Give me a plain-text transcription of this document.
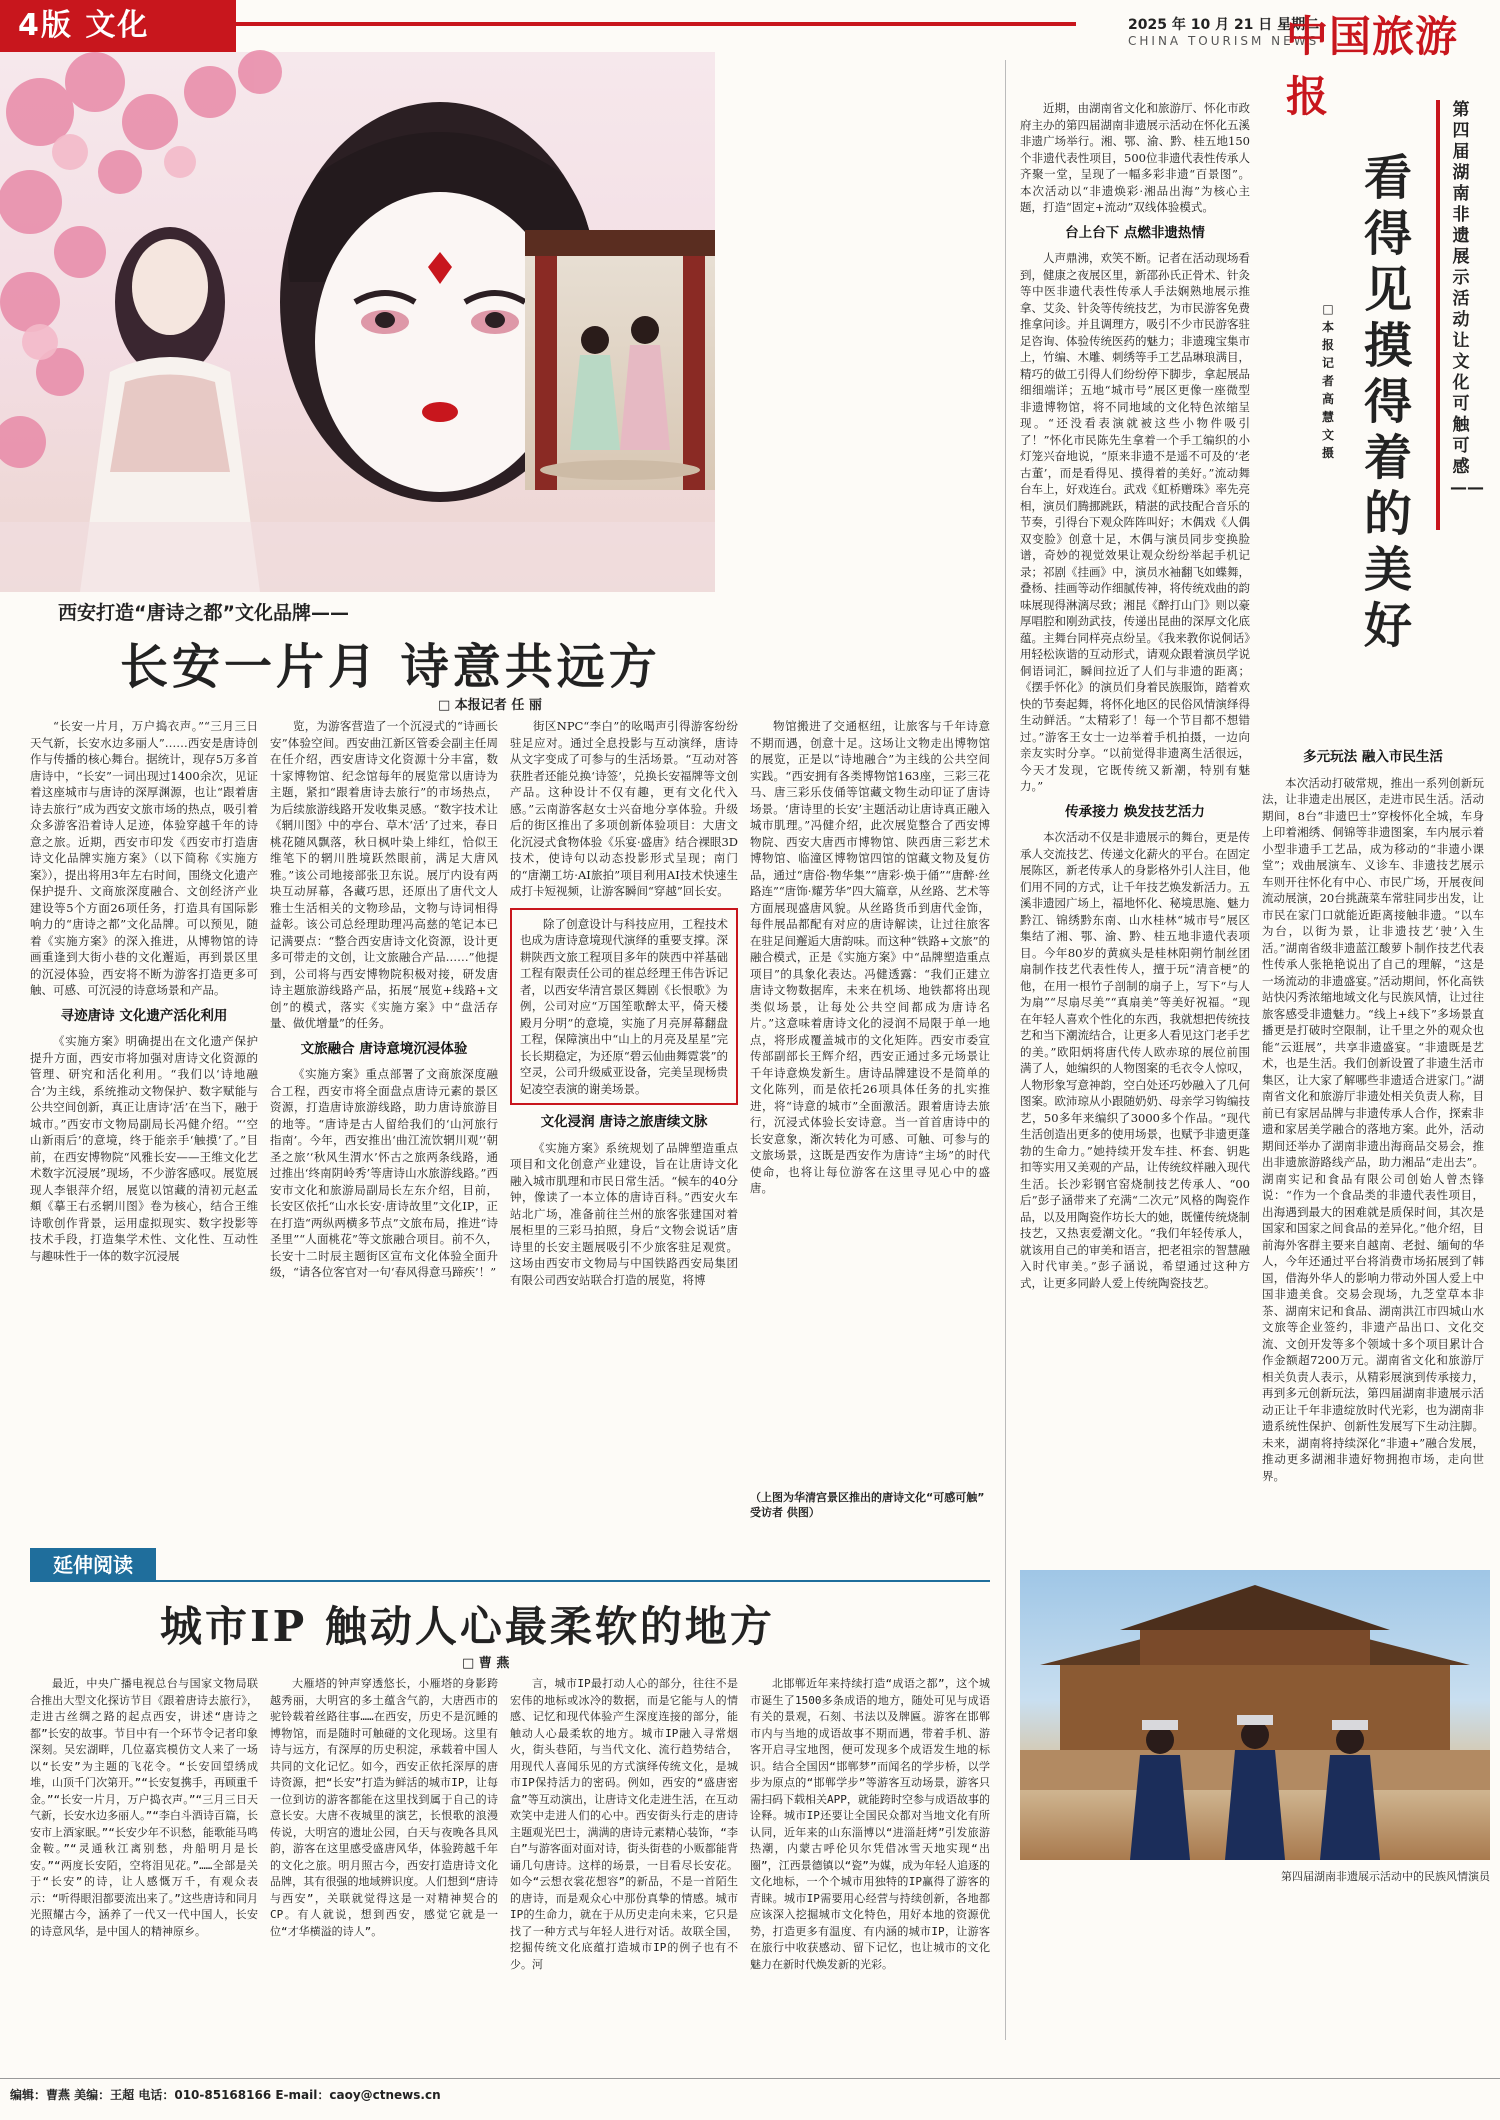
4版 文化	2025 年 10 月 21 日 星期二
CHINA TOURISM NEWS
中国旅游报
西安打造“唐诗之都”文化品牌——
长安一片月 诗意共远方
□ 本报记者 任 丽

“长安一片月，万户捣衣声。”“三月三日天气新，长安水边多丽人”……西安是唐诗创作与传播的核心舞台。据统计，现存5万多首唐诗中，“长安”一词出现过1400余次，见证着这座城市与唐诗的深厚渊源，也让“跟着唐诗去旅行”成为西安文旅市场的热点，吸引着众多游客沿着诗人足迹，体验穿越千年的诗意之旅。近期，西安市印发《西安市打造唐诗文化品牌实施方案》（以下简称《实施方案》），提出将用3年左右时间，围绕文化遗产保护提升、文商旅深度融合、文创经济产业建设等5个方面26项任务，打造具有国际影响力的“唐诗之都”文化品牌。可以预见，随着《实施方案》的深入推进，从博物馆的诗画重逢到大街小巷的文化邂逅，再到景区里的沉浸体验，西安将不断为游客打造更多可触、可感、可沉浸的诗意场景和产品。

寻迹唐诗 文化遗产活化利用

《实施方案》明确提出在文化遗产保护提升方面，西安市将加强对唐诗文化资源的管理、研究和活化利用。“我们以‘诗地融合’为主线，系统推动文物保护、数字赋能与公共空间创新，真正让唐诗‘活’在当下，融于城市。”西安市文物局副局长冯健介绍。“‘空山新雨后’的意境，终于能亲手‘触摸’了。”目前，在西安博物院“风雅长安——王维文化艺术数字沉浸展”现场，不少游客感叹。展览展现人李银萍介绍，展览以馆藏的清初元赵孟頫《摹王右丞辋川图》卷为核心，结合王维诗歌创作背景，运用虚拟现实、数字投影等技术手段，打造集学术性、文化性、互动性与趣味性于一体的数字沉浸展

览，为游客营造了一个沉浸式的“诗画长安”体验空间。西安曲江新区管委会副主任周在任介绍，西安唐诗文化资源十分丰富，数十家博物馆、纪念馆每年的展览常以唐诗为主题，紧扣“跟着唐诗去旅行”的市场热点，为后续旅游线路开发收集灵感。“数字技术让《辋川图》中的亭台、草木‘活’了过来，春日桃花随风飘落，秋日枫叶染上绯红，恰似王维笔下的辋川胜境跃然眼前，满足大唐风雅。”该公司地接部张卫东说。展厅内设有两块互动屏幕，各藏巧思，还原出了唐代文人雅士生活相关的文物珍品，文物与诗词相得益彰。该公司总经理助理冯高慈的笔记本已记满要点：“整合西安唐诗文化资源，设计更多可带走的文创，让文旅融合产品……”他提到，公司将与西安博物院积极对接，研发唐诗主题旅游线路产品，拓展“展览+线路+文创”的模式，落实《实施方案》中“盘活存量、做优增量”的任务。

文旅融合 唐诗意境沉浸体验

《实施方案》重点部署了文商旅深度融合工程，西安市将全面盘点唐诗元素的景区资源，打造唐诗旅游线路，助力唐诗旅游目的地等。“唐诗是古人留给我们的‘山河旅行指南’。今年，西安推出‘曲江流饮辋川观’‘朝圣之旅’‘秋风生渭水’怀古之旅两条线路，通过推出‘终南阴岭秀’等唐诗山水旅游线路。”西安市文化和旅游局副局长左东介绍，目前，长安区依托“山水长安·唐诗故里”文化IP，正在打造“两纵两横多节点”文旅布局，推进“诗圣里”“人面桃花”等文旅融合项目。前不久，长安十二时辰主题街区宣布文化体验全面升级，“请各位客官对一句‘春风得意马蹄疾’！”

街区NPC“李白”的吆喝声引得游客纷纷驻足应对。通过全息投影与互动演绎，唐诗从文字变成了可参与的生活场景。“互动对答获胜者还能兑换‘诗签’，兑换长安福牌等文创产品。这种设计不仅有趣，更有文化代入感。”云南游客赵女士兴奋地分享体验。升级后的街区推出了多项创新体验项目：大唐文化沉浸式食物体验《乐宴·盛唐》结合裸眼3D技术，使诗句以动态投影形式呈现；南门的“唐潮工坊·AI旅拍”项目利用AI技术快速生成打卡短视频，让游客瞬间“穿越”回长安。

除了创意设计与科技应用，工程技术也成为唐诗意境现代演绎的重要支撑。深耕陕西文旅工程项目多年的陕西中祥基础工程有限责任公司的崔总经理王伟告诉记者，以西安华清宫景区舞剧《长恨歌》为例，公司对应“万国笙歌醉太平，倚天楼殿月分明”的意境，实施了月亮屏幕翻盘工程，保障演出中“山上的月亮及星星”完长长期稳定，为还原“碧云仙曲舞霓裳”的空灵，公司升级威亚设备，完美呈现杨贵妃凌空表演的谢美场景。

文化浸润 唐诗之旅唐续文脉

《实施方案》系统规划了品牌塑造重点项目和文化创意产业建设，旨在让唐诗文化融入城市肌理和市民日常生活。“候车的40分钟，像读了一本立体的唐诗百科。”西安火车站北广场，准备前往兰州的旅客张建国对着展柜里的三彩马拍照，身后“文物会说话”唐诗里的长安主题展吸引不少旅客驻足观赏。这场由西安市文物局与中国铁路西安局集团有限公司西安站联合打造的展览，将博

物馆搬进了交通枢纽，让旅客与千年诗意不期而遇，创意十足。这场让文物走出博物馆的展览，正是以“诗地融合”为主线的公共空间实践。“西安拥有各类博物馆163座，三彩三花马、唐三彩乐伎俑等馆藏文物生动印证了唐诗场景。‘唐诗里的长安’主题活动让唐诗真正融入城市肌理。”冯健介绍，此次展览整合了西安博物院、西安大唐西市博物馆、陕西唐三彩艺术博物馆、临潼区博物馆四馆的馆藏文物及复仿品，通过“唐俗·物华集”“唐彩·焕于俑”“唐醉·丝路连”“唐饰·耀芳华”四大篇章，从丝路、艺术等方面展现盛唐风貌。从丝路货币到唐代金饰，每件展品都配有对应的唐诗解读，让过往旅客在驻足间邂逅大唐韵味。而这种“铁路+文旅”的融合模式，正是《实施方案》中“品牌塑造重点项目”的具象化表达。冯健透露：“我们正建立唐诗文物数据库，未来在机场、地铁都将出现类似场景，让每处公共空间都成为唐诗名片。”这意味着唐诗文化的浸润不局限于单一地点，将形成覆盖城市的文化矩阵。西安市委宣传部副部长王辉介绍，西安正通过多元场景让千年诗意焕发新生。唐诗品牌建设不是简单的文化陈列，而是依托26项具体任务的扎实推进，将“诗意的城市”全面激活。跟着唐诗去旅行，沉浸式体验长安诗意。当一首首唐诗中的长安意象，渐次转化为可感、可触、可参与的文旅场景，这既是西安作为唐诗“主场”的时代使命，也将让每位游客在这里寻见心中的盛唐。

（上图为华清宫景区推出的唐诗文化“可感可触” 受访者 供图）
延伸阅读
城市IP 触动人心最柔软的地方
□ 曹 燕

最近，中央广播电视总台与国家文物局联合推出大型文化探访节目《跟着唐诗去旅行》，走进古丝绸之路的起点西安，讲述“唐诗之都”长安的故事。节目中有一个环节令记者印象深刻。吴宏湖畔，几位嘉宾模仿文人来了一场以“长安”为主题的飞花令。“长安回望绣成堆，山顶千门次第开。”“长安复携手，再顾重千金。”“长安一片月，万户捣衣声。”“三月三日天气新，长安水边多丽人。”“李白斗酒诗百篇，长安市上酒家眠。”“长安少年不识愁，能歌能马鸣金鞍。”“灵通秋江离别愁，舟船明月是长安。”“两度长安陌，空将泪见花。”……全部是关于“长安”的诗，让人感慨万千，有观众表示：“听得眼泪都要流出来了。”这些唐诗和同月光照耀古今，涵养了一代又一代中国人，长安的诗意风华，是中国人的精神原乡。

大雁塔的钟声穿透悠长，小雁塔的身影跨越秀丽，大明宫的多土蕴含气韵，大唐西市的驼铃载着丝路往事……在西安，历史不是沉睡的博物馆，而是随时可触碰的文化现场。这里有诗与远方，有深厚的历史积淀，承载着中国人共同的文化记忆。如今，西安正依托深厚的唐诗资源，把“长安”打造为鲜活的城市IP，让每一位到访的游客都能在这里找到属于自己的诗意长安。大唐不夜城里的演艺，长恨歌的浪漫传说，大明宫的遗址公园，白天与夜晚各具风韵，游客在这里感受盛唐风华，体验跨越千年的文化之旅。明月照古今，西安打造唐诗文化品牌，其有很强的地域辨识度。人们想到“唐诗与西安”，关联就觉得这是一对精神契合的CP。有人就说，想到西安，感觉它就是一位“才华横溢的诗人”。

言，城市IP最打动人心的部分，往往不是宏伟的地标或冰冷的数据，而是它能与人的情感、记忆和现代体验产生深度连接的部分，能触动人心最柔软的地方。城市IP融入寻常烟火，街头巷陌，与当代文化、流行趋势结合，用现代人喜闻乐见的方式演绎传统文化，是城市IP保持活力的密码。例如，西安的“盛唐密盒”等互动演出，让唐诗文化走进生活，在互动欢笑中走进人们的心中。西安街头行走的唐诗主题观光巴士，满满的唐诗元素精心装饰，“李白”与游客面对面对诗，街头街巷的小贩都能背诵几句唐诗。这样的场景，一目看尽长安花。如今“云想衣裳花想容”的新品，不是一首陌生的唐诗，而是观众心中那份真挚的情感。城市IP的生命力，就在于从历史走向未来，它只是找了一种方式与年轻人进行对话。故联全国，挖掘传统文化底蕴打造城市IP的例子也有不少。河

北邯郸近年来持续打造“成语之都”，这个城市诞生了1500多条成语的地方，随处可见与成语有关的景观，石刻、书法以及牌匾。游客在邯郸市内与当地的成语故事不期而遇，带着手机、游客开启寻宝地图，便可发现多个成语发生地的标识。结合全国因“邯郸梦”而闻名的学步桥，以学步为原点的“邯郸学步”等游客互动场景，游客只需扫码下载相关APP，就能跨时空参与成语故事的诠释。城市IP还要让全国民众都对当地文化有所认同，近年来的山东淄博以“进淄赶烤”引发旅游热潮，内蒙古呼伦贝尔凭借冰雪天地实现“出圈”，江西景德镇以“瓷”为媒，成为年轻人追逐的文化地标，一个个城市用独特的IP赢得了游客的青睐。城市IP需要用心经营与持续创新，各地都应该深入挖掘城市文化特色，用好本地的资源优势，打造更多有温度、有内涵的城市IP，让游客在旅行中收获感动、留下记忆，也让城市的文化魅力在新时代焕发新的光彩。

近期，由湖南省文化和旅游厅、怀化市政府主办的第四届湖南非遗展示活动在怀化五溪非遗广场举行。湘、鄂、渝、黔、桂五地150个非遗代表性项目，500位非遗代表性传承人齐聚一堂，呈现了一幅多彩非遗“百景图”。本次活动以“非遗焕彩·湘品出海”为核心主题，打造“固定+流动”双线体验模式。

台上台下 点燃非遗热情

人声鼎沸，欢笑不断。记者在活动现场看到，健康之夜展区里，新邵孙氏正骨术、针灸等中医非遗代表性传承人手法娴熟地展示推拿、艾灸、针灸等传统技艺，为市民游客免费推拿问诊。并且调理方，吸引不少市民游客驻足咨询、体验传统医药的魅力；非遗瑰宝集市上，竹编、木雕、刺绣等手工艺品琳琅满目，精巧的做工引得人们纷纷停下脚步，拿起展品细细端详；五地“城市号”展区更像一座微型非遗博物馆，将不同地域的文化特色浓缩呈现。“还没看表演就被这些小物件吸引了！”怀化市民陈先生拿着一个手工编织的小灯笼兴奋地说，“原来非遗不是遥不可及的‘老古董’，而是看得见、摸得着的美好。”流动舞台车上，好戏连台。武戏《虹桥赠珠》率先亮相，演员们腾挪跳跃，精湛的武技配合音乐的节奏，引得台下观众阵阵叫好；木偶戏《人偶双变脸》创意十足，木偶与演员同步变换脸谱，奇妙的视觉效果让观众纷纷举起手机记录；祁剧《挂画》中，演员水袖翻飞如蝶舞，叠杨、挂画等动作细腻传神，将传统戏曲的韵味展现得淋漓尽致；湘昆《醉打山门》则以豪厚唱腔和刚劲武技，传递出昆曲的深厚文化底蕴。主舞台同样亮点纷呈。《我来教你说侗话》用轻松诙谐的互动形式，请观众跟着演员学说侗语词汇，瞬间拉近了人们与非遗的距离；《摆手怀化》的演员们身着民族服饰，踏着欢快的节奏起舞，将怀化地区的民俗风情演绎得生动鲜活。“太精彩了！每一个节目都不想错过。”游客王女士一边举着手机拍摄，一边向亲友实时分享。“以前觉得非遗离生活很远，今天才发现，它既传统又新潮，特别有魅力。”

传承接力 焕发技艺活力

本次活动不仅是非遗展示的舞台，更是传承人交流技艺、传递文化薪火的平台。在固定展陈区，新老传承人的身影格外引人注目，他们用不同的方式，让千年技艺焕发新活力。五溪非遗园广场上，福地怀化、秘境思施、魅力黔江、锦绣黔东南、山水桂林“城市号”展区集结了湘、鄂、渝、黔、桂五地非遗代表项目。今年80岁的黄疯头是桂林阳朔竹制丝团扇制作技艺代表性传人，擅于玩“清音梗”的他，在用一根竹子剖制的扇子上，写下“与人为扇”“尽扇尽美”“真扇美”等美好祝福。“现在年轻人喜欢个性化的东西，我就想把传统技艺和当下潮流结合，让更多人看见这门老手艺的美。”欧阳炳将唐代传人欧赤琼的展位前围满了人，她编织的人物图案的毛衣令人惊叹，人物形象写意神韵，空白处还巧妙融入了几何图案。欧沛琼从小跟随奶奶、母亲学习钩编技艺，50多年来编织了3000多个作品。“现代生活创造出更多的使用场景，也赋予非遗更蓬勃的生命力。”她持续开发车挂、杯套、钥匙扣等实用又美观的产品，让传统纹样融入现代生活。长沙彩钢官窑烧制技艺传承人、“00后”彭子涵带来了充满“二次元”风格的陶瓷作品，以及用陶瓷作坊长大的她，既懂传统烧制技艺，又热衷爱潮文化。“我们年轻传承人，就该用自己的审美和语言，把老祖宗的智慧融入时代审美。”彭子涵说，希望通过这种方式，让更多同龄人爱上传统陶瓷技艺。

看得见摸得着的美好
□ 本报记者 高 慧 文 摄
第四届湖南非遗展示活动让文化可触可感——
多元玩法 融入市民生活

本次活动打破常规，推出一系列创新玩法，让非遗走出展区，走进市民生活。活动期间，8台“非遗巴士”穿梭怀化全城，车身上印着湘绣、侗锦等非遗图案，车内展示着小型非遗手工艺品，成为移动的“非遗小课堂”；戏曲展演车、义诊车、非遗技艺展示车则开往怀化有中心、市民广场，开展夜间流动展演，20台挑蔬菜车常驻同步出发，让市民在家门口就能近距离接触非遗。“以车为台，以街为景，让非遗技艺‘驶’入生活。”湖南省级非遗蓝江酸萝卜制作技艺代表性传承人张艳艳说出了自己的理解，“这是一场流动的非遗盛宴。”活动期间，怀化高铁站快闪秀浓缩地域文化与民族风情，让过往旅客感受非遗魅力。“线上+线下”多场景直播更是打破时空限制，让千里之外的观众也能“云逛展”，共享非遗盛宴。“非遗既是艺术，也是生活。我们创新设置了非遗生活市集区，让大家了解哪些非遗适合进家门。”湖南省文化和旅游厅非遗处相关负责人称，目前已有家居品牌与非遗传承人合作，探索非遗和家居美学融合的落地方案。此外，活动期间还举办了湖南非遗出海商品交易会，推出非遗旅游路线产品，助力湘品“走出去”。湖南实记和食品有限公司创始人曾杰锋说：“作为一个食品类的非遗代表性项目，出海遇到最大的困难就是质保时间，其次是国家和国家之间食品的差异化。”他介绍，目前海外客群主要来自越南、老挝、缅甸的华人，今年还通过平台将消费市场拓展到了韩国，借海外华人的影响力带动外国人爱上中国非遗美食。交易会现场，九芝堂草本非茶、湖南宋记和食品、湖南洪江市四城山水文旅等企业签约，非遗产品出口、文化交流、文创开发等多个领域十多个项目累计合作金额超7200万元。湖南省文化和旅游厅相关负责人表示，从精彩展演到传承接力，再到多元创新玩法，第四届湖南非遗展示活动正让千年非遗绽放时代光彩，也为湖南非遗系统性保护、创新性发展写下生动注脚。未来，湖南将持续深化“非遗+”融合发展，推动更多湖湘非遗好物拥抱市场，走向世界。

第四届湖南非遗展示活动中的民族风情演员
编辑：曹燕 美编：王超 电话：010-85168166 E-mail：caoy@ctnews.cn
